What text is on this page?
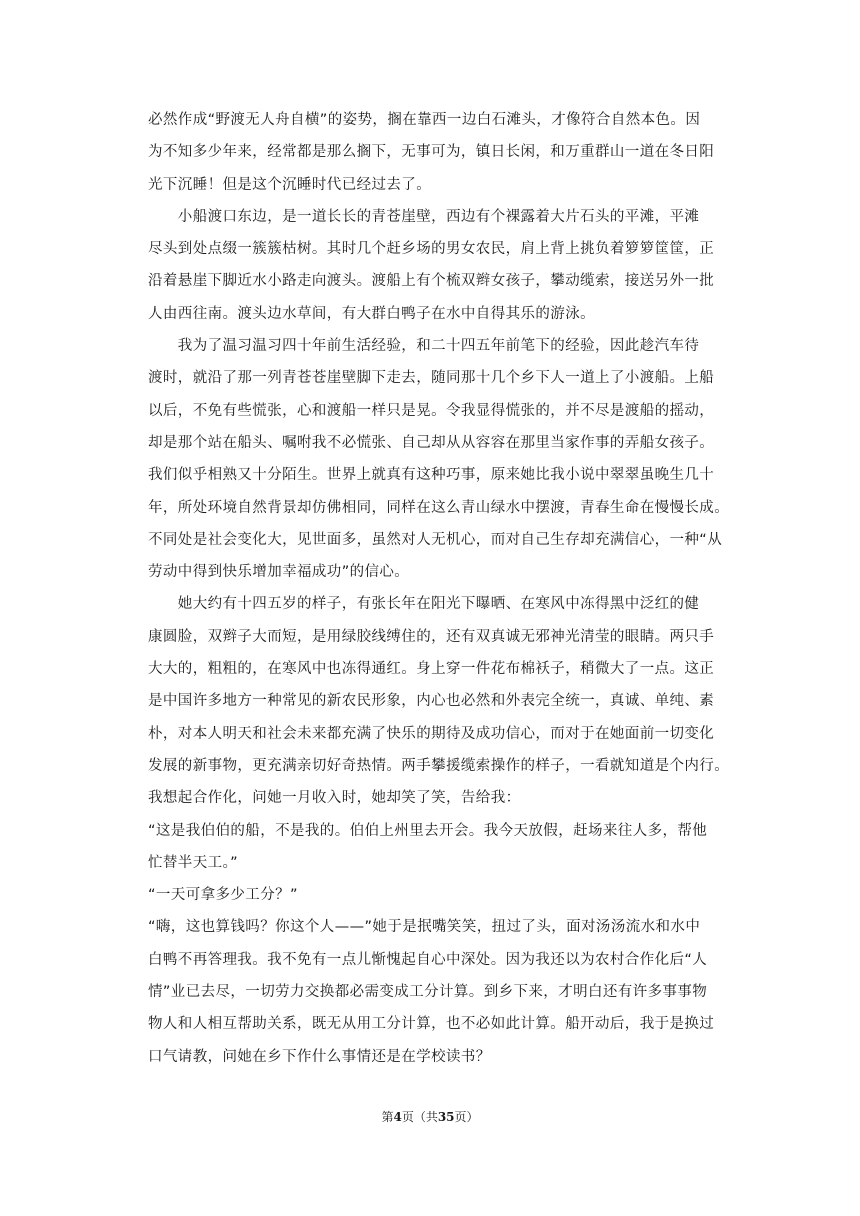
必然作成“野渡无人舟自横”的姿势，搁在靠西一边白石滩头，才像符合自然本色。因
为不知多少年来，经常都是那么搁下，无事可为，镇日长闲，和万重群山一道在冬日阳
光下沉睡！但是这个沉睡时代已经过去了。
　　小船渡口东边，是一道长长的青苍崖壁，西边有个裸露着大片石头的平滩，平滩
尽头到处点缀一簇簇枯树。其时几个赶乡场的男女农民，肩上背上挑负着箩箩筐筐，正
沿着悬崖下脚近水小路走向渡头。渡船上有个梳双辫女孩子，攀动缆索，接送另外一批
人由西往南。渡头边水草间，有大群白鸭子在水中自得其乐的游泳。
　　我为了温习温习四十年前生活经验，和二十四五年前笔下的经验，因此趁汽车待
渡时，就沿了那一列青苍苍崖壁脚下走去，随同那十几个乡下人一道上了小渡船。上船
以后，不免有些慌张，心和渡船一样只是晃。令我显得慌张的，并不尽是渡船的摇动，
却是那个站在船头、嘱咐我不必慌张、自己却从从容容在那里当家作事的弄船女孩子。
我们似乎相熟又十分陌生。世界上就真有这种巧事，原来她比我小说中翠翠虽晚生几十
年，所处环境自然背景却仿佛相同，同样在这么青山绿水中摆渡，青春生命在慢慢长成。
不同处是社会变化大，见世面多，虽然对人无机心，而对自己生存却充满信心，一种“从
劳动中得到快乐增加幸福成功”的信心。
　　她大约有十四五岁的样子，有张长年在阳光下曝晒、在寒风中冻得黑中泛红的健
康圆脸，双辫子大而短，是用绿胶线缚住的，还有双真诚无邪神光清莹的眼睛。两只手
大大的，粗粗的，在寒风中也冻得通红。身上穿一件花布棉袄子，稍微大了一点。这正
是中国许多地方一种常见的新农民形象，内心也必然和外表完全统一，真诚、单纯、素
朴，对本人明天和社会未来都充满了快乐的期待及成功信心，而对于在她面前一切变化
发展的新事物，更充满亲切好奇热情。两手攀援缆索操作的样子，一看就知道是个内行。
我想起合作化，问她一月收入时，她却笑了笑，告给我：
“这是我伯伯的船，不是我的。伯伯上州里去开会。我今天放假，赶场来往人多，帮他
忙替半天工。”
“一天可拿多少工分？”
“嗨，这也算钱吗？你这个人——”她于是抿嘴笑笑，扭过了头，面对汤汤流水和水中
白鸭不再答理我。我不免有一点儿惭愧起自心中深处。因为我还以为农村合作化后“人
情”业已去尽，一切劳力交换都必需变成工分计算。到乡下来，才明白还有许多事事物
物人和人相互帮助关系，既无从用工分计算，也不必如此计算。船开动后，我于是换过
口气请教，问她在乡下作什么事情还是在学校读书？
第4页（共35页）
